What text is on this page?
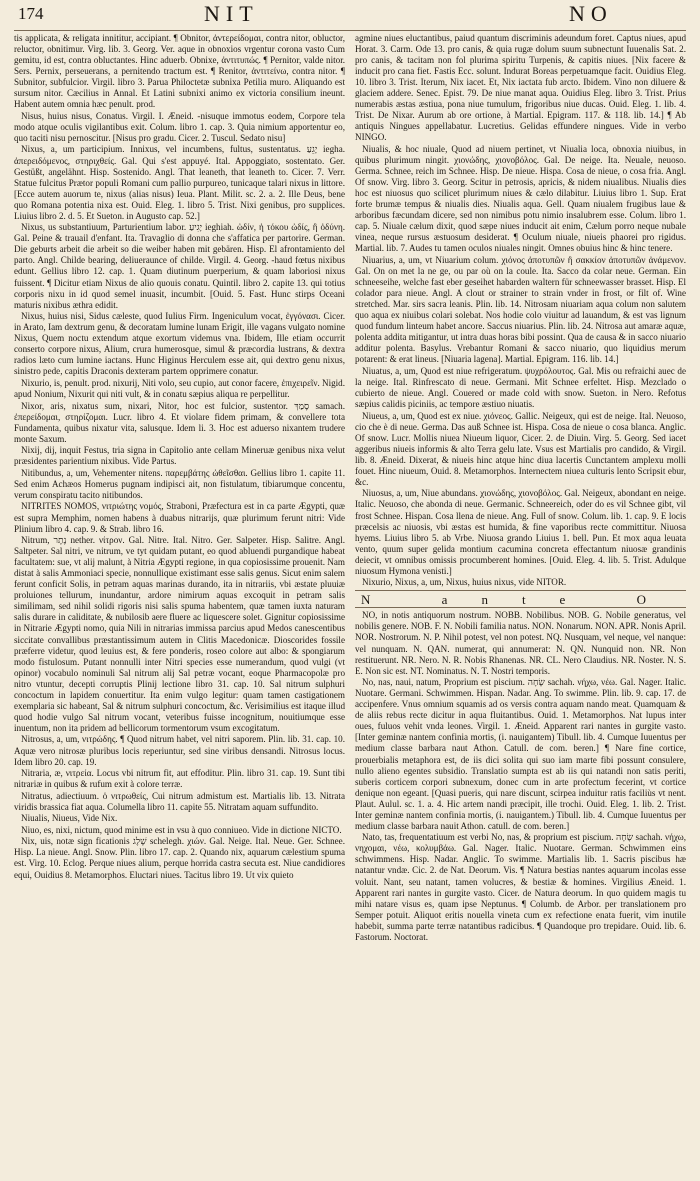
174	NIT	NO

tis applicata, & religata innititur, accipiant. ¶ Obnitor, ἀντερείδομαι, contra nitor, obluctor, reluctor, obnitimur. Virg. lib. 3. Georg. Ver. aque in obnoxios vrgentur corona vasto Cum gemitu, id est, contra obluctantes. Hinc aduerb. Obnixe, ἀντιτυπώς. ¶ Pernitor, valde nitor. Sers. Pernix, perseuerans, a pernitendo tractum est. ¶ Renitor, ἀντιτείνω, contra nitor. ¶ Subnitor, subfulcior. Virgil. libro 3. Parua Philoctetæ subnixa Petilia muro. Aliquando est sursum nitor. Cæcilius in Annal. Et Latini subnixi animo ex victoria consilium ineunt. Habent autem omnia hæc penult. prod.

Nisus, huius nisus, Conatus. Virgil. I. Æneid. -nisuque immotus eodem, Corpore tela modo atque oculis vigilantibus exit. Colum. libro 1. cap. 3. Quia nimium apportentur eo, quo taciti nisu pernoscitur. [Nisus pro gradu. Cicer. 2. Tuscul. Sedato nisu]

Nixus, a, um participium. Innixus, vel incumbens, fultus, sustentatus. יָגֵעַ iegha. ἀπερειδόμενος, στηριχθείς. Gal. Qui s'est appuyé. Ital. Appoggiato, sostentato. Ger. Gestüßt, angelähnt. Hisp. Sostenido. Angl. That leaneth, that leaneth to. Cicer. 7. Verr. Statue fulcitus Prætor populi Romani cum pallio purpureo, tunicaque talari nixus in littore. [Ecce autem auorum te, nixus (alias nisus) Ieua. Plant. Milit. sc. 2. a. 2. Ille Deus, bene quo Romana potentia nixa est. Ouid. Eleg. 1. libro 5. Trist. Nixi genibus, pro supplices. Liuius libro 2. d. 5. Et Sueton. in Augusto cap. 52.]

Nixus, us substantiuum, Parturientium labor. יָגִיעַ ieghiah. ὠδίν, ἡ τόκου ὠδίς, ἢ ὀδύνη. Gal. Peine & trauail d'enfant. Ita. Travaglio di donna che s'affatica per partorire. German. Die geburts arbeit die arbeit so die weiber haben mit gebären. Hisp. El afrontamiento del parto. Angl. Childe bearing, deliueraunce of childe. Virgil. 4. Georg. -haud fœtus nixibus edunt. Gellius libro 12. cap. 1. Quam diutinum puerperium, & quam laboriosi nixus fuissent. ¶ Dicitur etiam Nixus de alio quouis conatu. Quintil. libro 2. capite 13. qui totius corporis nixu in id quod semel inuasit, incumbit. [Ouid. 5. Fast. Hunc stirps Oceani maturis nixibus æthra edidit.

Nixus, huius nisi, Sidus cæleste, quod Iulius Firm. Ingeniculum vocat, ἐγγόνασι. Cicer. in Arato, Iam dextrum genu, & decoratam lumine lunam Erigit, ille vagans vulgato nomine Nixus, Quem noctu extendum atque exortum videmus vna. Ibidem, Ille etiam occurrit conserto corpore nixus, Alium, crura humerosque, simul & præcordia lustrans, & dextra radios læto cum lumine iactans. Hunc Higinus Herculem esse ait, qui dextro genu nixus, sinistro pede, capitis Draconis dexteram partem opprimere conatur.

Nixurio, is, penult. prod. nixurij, Niti volo, seu cupio, aut conor facere, ἐπιχειρεῖν. Nigid. apud Nonium, Nixurit qui niti vult, & in conatu sæpius aliqua re perpellitur.

Nixor, aris, nixatus sum, nixari, Nitor, hoc est fulcior, sustentor. סָמַךְ samach. ἐπερείδομαι, στηρίζομαι. Lucr. libro 4. Et violare fidem primam, & convellere tota Fundamenta, quibus nixatur vita, salusque. Idem li. 3. Hoc est aduerso nixantem trudere monte Saxum.

Nixij, dij, inquit Festus, tria signa in Capitolio ante cellam Mineruæ genibus nixa velut præsidentes parientium nixibus. Vide Partus.

Nitibundus, a, um, Vehementer nitens. παρεμβάτης ὠθεῖσθαι. Gellius libro 1. capite 11. Sed enim Achæos Homerus pugnam indipisci ait, non fistulatum, tibiarumque concentu, verum conspiratu tacito nitibundos.

NITRITES NOMOS, νιτριώτης νομός, Straboni, Præfectura est in ca parte Ægypti, quæ est supra Memphim, nomen habens à duabus nitrarijs, quæ plurimum ferunt nitri: Vide Plinium libro 4. cap. 9. & Strab. libro 16.

Nitrum, נֶתֶר nether. νίτρον. Gal. Nitre. Ital. Nitro. Ger. Salpeter. Hisp. Salitre. Angl. Saltpeter. Sal nitri, ve nitrum, ve tyt quidam putant, eo quod abluendi purgandique habeat facultatem: sue, vt alij malunt, à Nitria Ægypti regione, in qua copiosissime prouenit. Nam distat à salis Ammoniaci specie, nonnullique existimant esse salis genus. Sicut enim salem ferunt conficit Solis, in petram aquas marinas durando, ita in nitrariis, vbi æstate pluuiæ proluiones tellurum, inundantur, ardore nimirum aquas excoquit in petram salis similimam, sed nihil solidi rigoris nisi salis spuma habentem, quæ tamen iuxta naturam salis durare in caliditate, & nubilosib aere fluere ac liquescere solet. Gignitur copiosissime in Nitrarie Ægypti nomo, quia Nili in nitrarias immissa parcius apud Medos canescentibus siccitate convallibus præstantissimum autem in Clitis Macedonicæ. Dioscorides fossile præferre videtur, quod leuius est, & fere ponderis, roseo colore aut albo: & spongiarum modo fistulosum. Putant nonnulli inter Nitri species esse numerandum, quod vulgi (vt opinor) vocabulo nominuli Sal nitrum alij Sal petræ vocant, eoque Pharmacopolæ pro nitro vtuntur, decepti corruptis Plinij lectione libro 31. cap. 10. Sal nitrum sulphuri concoctum in lapidem conuertitur. Ita enim vulgo legitur: quam tamen castigationem exemplaria sic habeant, Sal & nitrum sulphuri concoctum, &c. Verisimilius est itaque illud quod hodie vulgo Sal nitrum vocant, veteribus fuisse incognitum, nouitiumque esse inuentum, non ita pridem ad bellicorum tormentorum vsum excogitatum.

Nitrosus, a, um, νιτρώδης. ¶ Quod nitrum habet, vel nitri saporem. Plin. lib. 31. cap. 10. Aquæ vero nitrosæ pluribus locis reperiuntur, sed sine viribus densandi. Nitrosus locus. Idem libro 20. cap. 19.

Nitraria, æ, νιτρεία. Locus vbi nitrum fit, aut effoditur. Plin. libro 31. cap. 19. Sunt tibi nitrariæ in quibus & rufum exit à colore terræ.

Nitratus, adiectiuum. ὁ νιτρωθείς, Cui nitrum admistum est. Martialis lib. 13. Nitrata viridis brassica fiat aqua. Columella libro 11. capite 55. Nitratam aquam suffundito.

Niualis, Niueus, Vide Nix.

Niuo, es, nixi, nictum, quod minime est in vsu à quo conniueo. Vide in dictione NICTO.

Nix, uis, notæ sign ficationis שֶׁלֶג schelegh. χιών. Gal. Neige. Ital. Neue. Ger. Schnee. Hisp. La nieue. Angl. Snow. Plin. libro 17. cap. 2. Quando nix, aquarum cælestium spuma est. Virg. 10. Eclog. Perque niues alium, perque horrida castra secuta est. Niue candidiores equi, Ouidius 8. Metamorphos. Eluctari niues. Tacitus libro 19. Ut vix quieto

agmine niues eluctantibus, paiud quantum discriminis adeundum foret. Captus niues, apud Horat. 3. Carm. Ode 13. pro canis, & quia rugæ dolum suum subnectunt Iuuenalis Sat. 2. pro canis, & tacitam non fol plurima spiritu Turpenis, & capitis niues. [Nix facere & inducit pro cana fiet. Fastis Ecc. solunt. Indurat Boreas perpetuamque facit. Ouidius Eleg. 10. libro 3. Trist. Iterum, Nix iacet. Et, Nix iactata fub arcto. Ibidem. Vino non diluere & glaciem addere. Senec. Epist. 79. De niue manat aqua. Ouidius Eleg. libro 3. Trist. Prius numerabis æstas æstiua, pona niue tumulum, frigoribus niue ducas. Ouid. Eleg. 1. lib. 4. Trist. De Nixar. Aurum ab ore ortione, à Martial. Epigram. 117. & 118. lib. 14.] ¶ Ab antiquis Ningues appellabatur. Lucretius. Gelidas effundere ningues. Vide in verbo NINGO.

Niualis, & hoc niuale, Quod ad niuem pertinet, vt Niualia loca, obnoxia niuibus, in quibus plurimum ningit. χιονώδης, χιονοβόλος. Gal. De neige. Ita. Neuale, neuoso. Germa. Schnee, reich im Schnee. Hisp. De nieue. Hispa. Cosa de nieue, o cosa fria. Angl. Of snow. Virg. libro 3. Georg. Scitur in petrosis, apricis, & nidem niualibus. Niualis dies hoc est niuosus quo scilicet plurimum niues & cælo dilabitur. Liuius libro 1. Sup. Erat forte brumæ tempus & niualis dies. Niualis aqua. Gell. Quam niualem frugibus laue & arboribus fæcundam dicere, sed non nimibus potu nimio insalubrem esse. Colum. libro 1. cap. 5. Niuale cælum dixit, quod sæpe niues inducit ait enim, Cælum porro neque nubale vinea, neque rursus æstuosum desiderat. ¶ Oculum niuale, niueis phaorei pro rigidus. Martial. lib. 7. Audes tu tamen oculos niuales ningit. Omnes obuius hinc & hinc tenere.

Niuarius, a, um, vt Niuarium colum. χιόνος ἀποτυπῶν ἢ σακκίον ἀποτυπῶν ἀνάμενον. Gal. On on met la ne ge, ou par où on la coule. Ita. Sacco da colar neue. German. Ein schneeseihe, welche fast eber geseihet habarden waltern für schneewasser brasset. Hisp. El colador para nieue. Angl. A clout or strainer to strain vnder in frost, or filt of. Wine stretched. Mar. sirs sacra leanis. Plin. lib. 14. Nitrosam niuariam aqua colum non salutem quo aqua ex niuibus colari solebat. Nos hodie colo viuitur ad lauandum, & est vas lignum quod fundum linteum habet ancore. Saccus niuarius. Plin. lib. 24. Nitrosa aut amaræ aquæ, polenta addita mitigantur, ut intra duas horas bibi possint. Qua de causa & in sacco niuario additur polenta. Basylus. Vrebantur Romani & sacco niuario, quo liquidius merum potarent: & erat lineus. [Niuaria lagena]. Martial. Epigram. 116. lib. 14.]

Niuatus, a, um, Quod est niue refrigeratum. ψυχρόλουτος. Gal. Mis ou refraichi auec de la neige. Ital. Rinfrescato di neue. Germani. Mit Schnee erfeltet. Hisp. Mezclado o cubierto de nieue. Angl. Couered or made cold with snow. Sueton. in Nero. Refotus sæpius calidis piciniis, ac tempore æstiuo niuatis.

Niueus, a, um, Quod est ex niue. χιόνεος. Gallic. Neigeux, qui est de neige. Ital. Neuoso, cio che è di neue. Germa. Das auß Schnee ist. Hispa. Cosa de nieue o cosa blanca. Anglic. Of snow. Lucr. Mollis niuea Niueum liquor, Cicer. 2. de Diuin. Virg. 5. Georg. Sed iacet aggeribus niueis informis & alto Terra gelu late. Vsus est Martialis pro candido, & Virgil. lib. 8. Æneid. Dixerat, & niueis hinc atque hinc diua lacertis Cunctantem amplexu molli fouet. Hinc niueum, Ouid. 8. Metamorphos. Internectem niuea culturis lento Scripsit ebur, &c.

Niuosus, a, um, Niue abundans. χιονώδης, χιονοβόλος. Gal. Neigeux, abondant en neige. Italic. Neuoso, che abonda di neue. Germanic. Schneereich, oder do es vil Schnee gibt, vil frost Schnee. Hispan. Cosa llena de nieue. Ang. Full of snow. Colum. lib. 1. cap. 9. E locis præcelsis ac niuosis, vbi æstas est humida, & fine vaporibus recte committitur. Niuosa hyems. Liuius libro 5. ab Vrbe. Niuosa grando Liuius 1. bell. Pun. Et mox aqua leuata vento, quum super gelida montium cacumina concreta effectantum niuosæ grandinis deiecit, vt omnibus omissis procumberent homines. [Ouid. Eleg. 4. lib. 5. Trist. Adulque niuosum Hymona venisti.]

Nixurio, Nixus, a, um, Nixus, huius nixus, vide NITOR.

N ante O

NO, in notis antiquorum nostrum. NOBB. Nobilibus. NOB. G. Nobile generatus, vel nobilis genere. NOB. F. N. Nobili familia natus. NON. Nonarum. NON. APR. Nonis April. NOR. Nostrorum. N. P. Nihil potest, vel non potest. NQ. Nusquam, vel neque, vel nanque: vel nunquam. N. QAN. numerat, qui annumerat: N. QN. Nunquid non. NR. Non restituerunt. NR. Nero. N. R. Nobis Rhanenas. NR. CL. Nero Claudius. NR. Noster. N. S. E. Non sic est. NT. Nominatus. N. T. Nostri temporis.

No, nas, naui, natum, Proprium est piscium. שָׂחָה sachah. νήχω, νέω. Gal. Nager. Italic. Nuotare. Germani. Schwimmen. Hispan. Nadar. Ang. To swimme. Plin. lib. 9. cap. 17. de accipenfere. Vnus omnium squamis ad os versis contra aquam nando meat. Quamquam & de aliis rebus recte dicitur in aqua fluitantibus. Ouid. 1. Metamorphos. Nat lupus inter oues, fuluos vehit vnda leones. Virgil. 1. Æneid. Apparent rari nantes in gurgite vasto. [Inter geminæ nantem confinia mortis, (i. nauigantem) Tibull. lib. 4. Cumque Iuuentus per medium classe barbara naut Athon. Catull. de com. beren.] ¶ Nare fine cortice, prouerbialis metaphora est, de iis dici solita qui suo iam marte fibi possunt consulere, nullo alieno egentes subsidio. Translatio sumpta est ab iis qui natandi non satis periti, suberis corticem corpori subnexum, donec cum in arte profectum fecerint, vt cortice denique non egeant. [Quasi pueris, qui nare discunt, scirpea induitur ratis faciliùs vt nent. Plaut. Aulul. sc. 1. a. 4. Hic artem nandi præcipit, ille trochi. Ouid. Eleg. 1. lib. 2. Trist. Inter geminæ nantem confinia mortis, (i. nauigantem.) Tibull. lib. 4. Cumque Iuuentus per medium classe barbara nauit Athon. catull. de com. beren.]

Nato, tas, frequentatiuum est verbi No, nas, & proprium est piscium. שָׂחָה sachah. νήχω, νηχομαι, νέω, κολυμβάω. Gal. Nager. Italic. Nuotare. German. Schwimmen eins schwimmens. Hisp. Nadar. Anglic. To swimme. Martialis lib. 1. Sacris piscibus hæ natantur vndæ. Cic. 2. de Nat. Deorum. Vis. ¶ Natura bestias nantes aquarum incolas esse voluit. Nant, seu natant, tamen volucres, & bestiæ & homines. Virgilius Æneid. 1. Apparent rari nantes in gurgite vasto. Cicer. de Natura deorum. In quo quidem magis tu mihi natare visus es, quam ipse Neptunus. ¶ Columb. de Arbor. per translationem pro Semper potuit. Aliquot eritis nouella vineta cum ex refectione enata fuerit, vim inutile habebit, summa parte terræ natantibus radicibus. ¶ Quandoque pro trepidare. Ouid. lib. 6. Fastorum. Noctorat.
